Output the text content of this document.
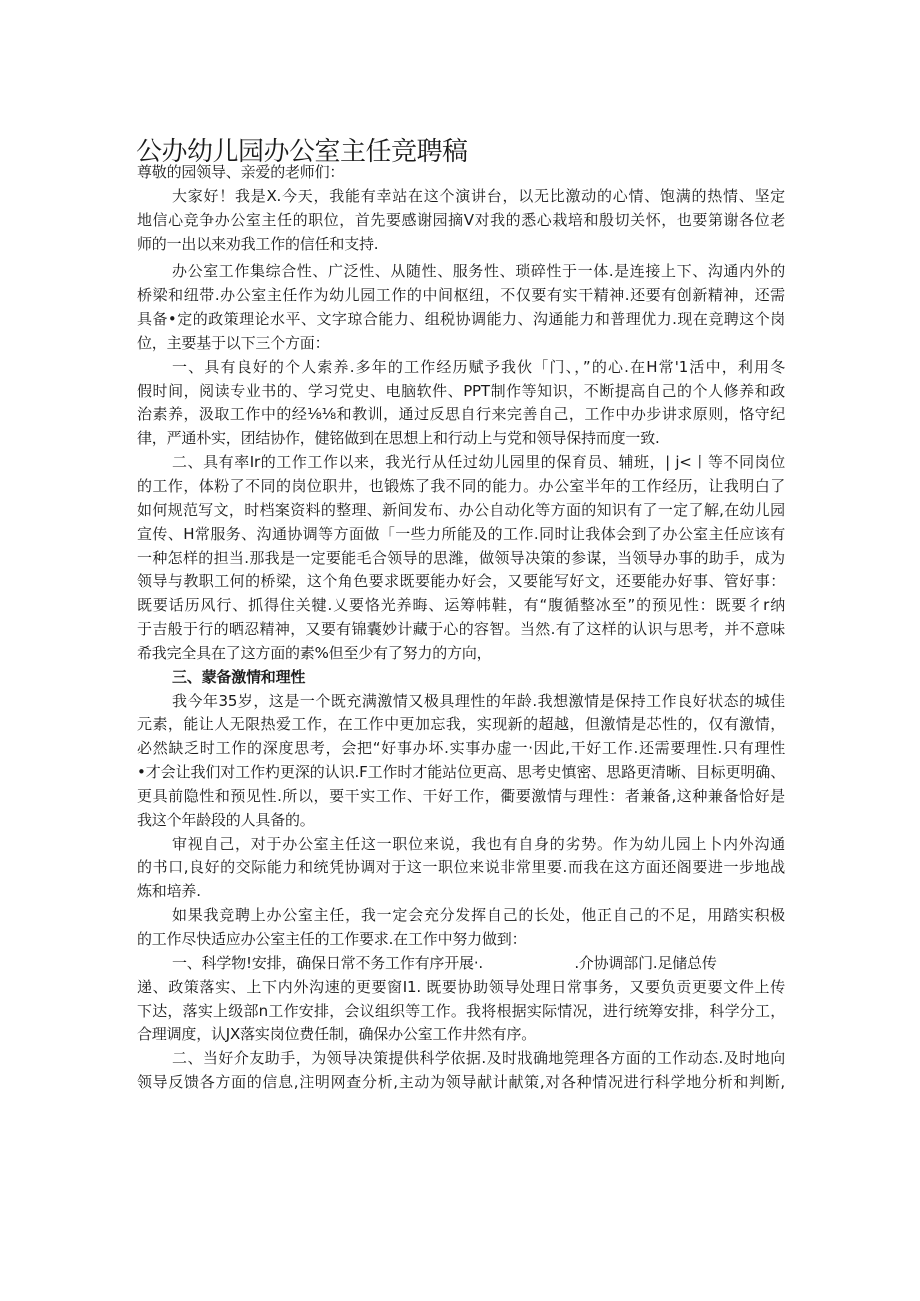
公办幼儿园办公室主任竞聘稿
尊敬的园领导、亲爱的老师们：
大家好！我是X.今天，我能有幸站在这个演讲台，以无比激动的心情、饱满的热情、坚定
地信心竞争办公室主任的职位，首先要感谢园摘V对我的悉心栽培和殷切关怀，也要第谢各位老
师的一出以来劝我工作的信任和支持.
办公室工作集综合性、广泛性、从随性、服务性、琐碎性于一体.是连接上下、沟通内外的
桥梁和纽带.办公室主任作为幼儿园工作的中间枢纽，不仅要有实干精神.还要有创新精神，还需
具备•定的政策理论水平、文字琼合能力、组税协调能力、沟通能力和普理优力.现在竞聘这个岗
位，主要基于以下三个方面：
一、具有良好的个人索养.多年的工作经历赋予我伙「门、，”的心.在H常'1活中，利用冬
假时间，阅读专业书的、学习党史、电脑软件、PPT制作等知识，不断提高自己的个人修养和政
治素养，汲取工作中的经⅛⅛和教训，通过反思自行来完善自己，工作中办步讲求原则，恪守纪
律，严通朴实，团结协作，健铭做到在思想上和行动上与党和领导保持而度一致.
二、具有率Ir的工作工作以来，我光行从任过幼儿园里的保育员、辅班，| j<丨等不同岗位
的工作，体粉了不同的岗位职井，也锻炼了我不同的能力。办公室半年的工作经历，让我明白了
如何规范写文，时档案资料的整理、新间发布、办公自动化等方面的知识有了一定了解,在幼儿园
宣传、H常服务、沟通协调等方面做「一些力所能及的工作.同时让我体会到了办公室主任应该有
一种怎样的担当.那我是一定要能毛合领导的思潍，做领导决策的参谋，当领导办事的助手，成为
领导与教职工何的桥梁，这个角色要求既要能办好会，又要能写好文，还要能办好事、管好事：
既要话历风行、抓得住关犍.乂要恪光养晦、运筹帏鞋，有“腹循整冰至”的预见性：既要彳r纳
于吉般于行的晒忍精神，又要有锦囊妙计藏于心的容智。当然.有了这样的认识与思考，并不意味
希我完全具在了这方面的素%但至少有了努力的方向，
三、蒙备激情和理性
我今年35岁，这是一个既充满激情又极具理性的年龄.我想激情是保持工作良好状态的城佳
元素，能让人无限热爱工作，在工作中更加忘我，实现新的超越，但激情是芯性的，仅有激情，
必然缺乏时工作的深度思考，会把“好事办坏.实事办虚一·因此,干好工作.还需要理性.只有理性
•才会让我们对工作杓更深的认识.F工作时才能站位更高、思考史慎密、思路更清晰、目标更明确、
更具前隐性和预见性.所以，要干实工作、干好工作，衢要激情与理性：者兼备,这种兼备恰好是
我这个年龄段的人具备的。
审视自己，对于办公室主任这一职位来说，我也有自身的劣势。作为幼儿园上卜内外沟通
的书口,良好的交际能力和统凭协调对于这一职位来说非常里要.而我在这方面还阁要进一步地战
炼和培养.
如果我竞聘上办公室主任，我一定会充分发挥自己的长处，他正自己的不足，用踏实积极
的工作尽快适应办公室主任的工作要求.在工作中努力做到：
一、科学物!安排，确保日常不务工作有序开展·.                    .介协调部门.足储总传
递、政策落实、上下内外沟速的更要窗I1. 既要协助领导处理日常事务，又要负贡更要文件上传
下达，落实上级部n工作安排，会议组织等工作。我将根据实际情况，进行统筹安排，科学分工，
合理调度，认JX落实岗位费任制，确保办公室工作井然有序。
二、当好介友助手，为领导决策提供科学依据.及时戕确地筦理各方面的工作动态.及时地向
领导反馈各方面的信息,注明网查分析,主动为领导献计献策,对各种情况进行科学地分析和判断,
